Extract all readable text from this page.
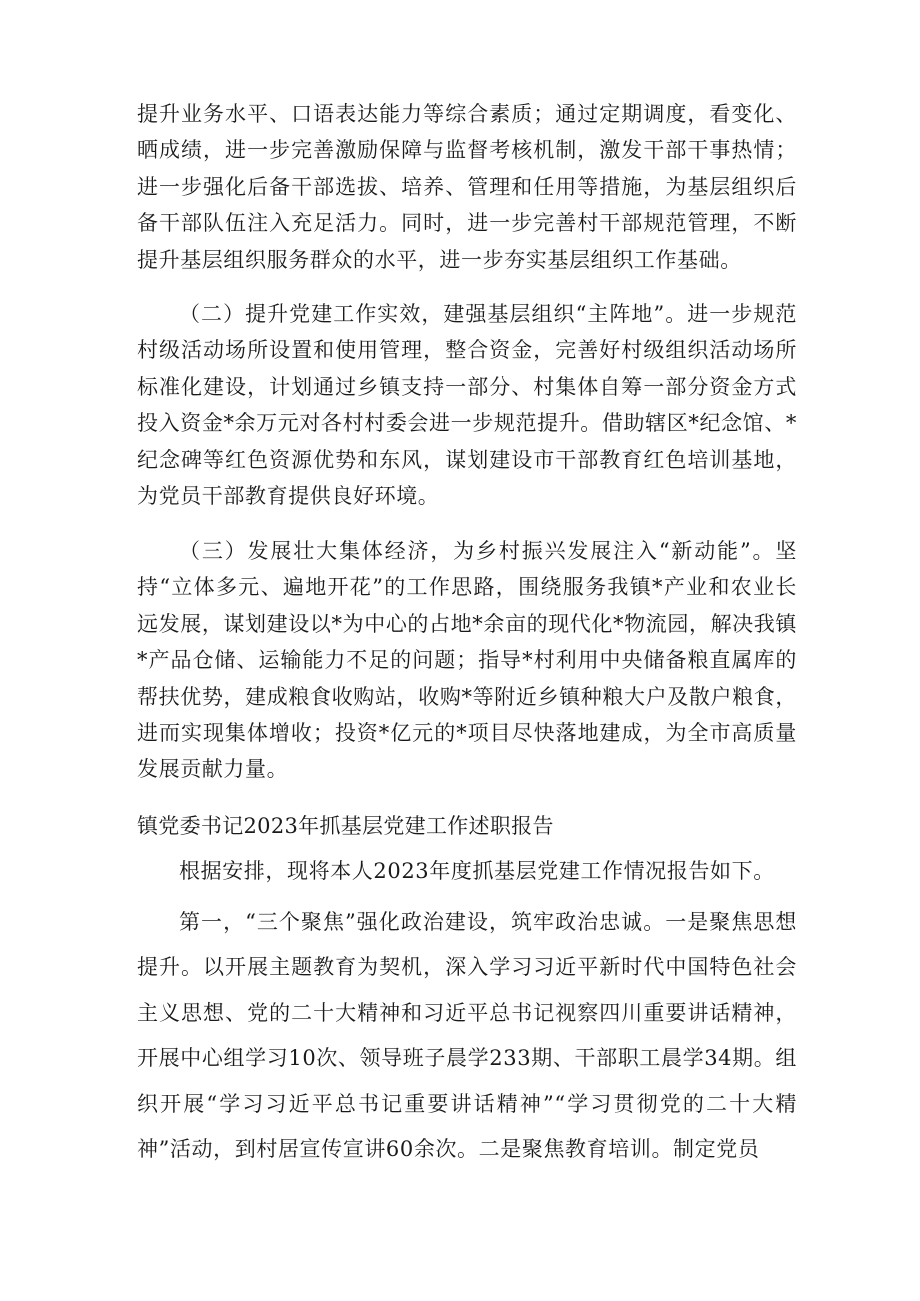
提升业务水平、口语表达能力等综合素质；通过定期调度，看变化、晒成绩，进一步完善激励保障与监督考核机制，激发干部干事热情；进一步强化后备干部选拔、培养、管理和任用等措施，为基层组织后备干部队伍注入充足活力。同时，进一步完善村干部规范管理，不断提升基层组织服务群众的水平，进一步夯实基层组织工作基础。

（二）提升党建工作实效，建强基层组织“主阵地”。进一步规范村级活动场所设置和使用管理，整合资金，完善好村级组织活动场所标准化建设，计划通过乡镇支持一部分、村集体自筹一部分资金方式投入资金*余万元对各村村委会进一步规范提升。借助辖区*纪念馆、*纪念碑等红色资源优势和东风，谋划建设市干部教育红色培训基地，为党员干部教育提供良好环境。

（三）发展壮大集体经济，为乡村振兴发展注入“新动能”。坚持“立体多元、遍地开花”的工作思路，围绕服务我镇*产业和农业长远发展，谋划建设以*为中心的占地*余亩的现代化*物流园，解决我镇*产品仓储、运输能力不足的问题；指导*村利用中央储备粮直属库的帮扶优势，建成粮食收购站，收购*等附近乡镇种粮大户及散户粮食，进而实现集体增收；投资*亿元的*项目尽快落地建成，为全市高质量发展贡献力量。

镇党委书记2023年抓基层党建工作述职报告

根据安排，现将本人2023年度抓基层党建工作情况报告如下。

第一，“三个聚焦”强化政治建设，筑牢政治忠诚。一是聚焦思想提升。以开展主题教育为契机，深入学习习近平新时代中国特色社会主义思想、党的二十大精神和习近平总书记视察四川重要讲话精神，开展中心组学习10次、领导班子晨学233期、干部职工晨学34期。组织开展“学习习近平总书记重要讲话精神”“学习贯彻党的二十大精神”活动，到村居宣传宣讲60余次。二是聚焦教育培训。制定党员
